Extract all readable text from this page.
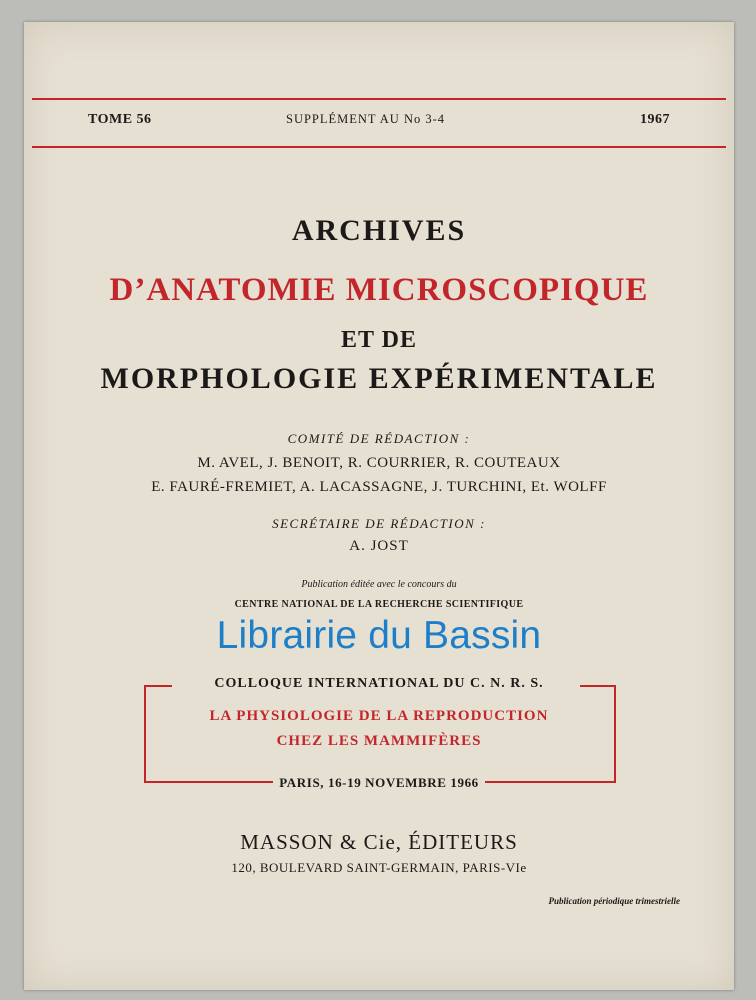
TOME 56	SUPPLÉMENT AU No 3-4	1967
ARCHIVES
D’ANATOMIE MICROSCOPIQUE
ET DE
MORPHOLOGIE EXPÉRIMENTALE
COMITÉ DE RÉDACTION :
M. AVEL, J. BENOIT, R. COURRIER, R. COUTEAUX
E. FAURÉ-FREMIET, A. LACASSAGNE, J. TURCHINI, Et. WOLFF
SECRÉTAIRE DE RÉDACTION :
A. JOST
Publication éditée avec le concours du
CENTRE NATIONAL DE LA RECHERCHE SCIENTIFIQUE
Librairie du Bassin
COLLOQUE INTERNATIONAL DU C. N. R. S.
LA PHYSIOLOGIE DE LA REPRODUCTION
CHEZ LES MAMMIFÈRES
PARIS, 16-19 NOVEMBRE 1966
MASSON & Cie, ÉDITEURS
120, BOULEVARD SAINT-GERMAIN, PARIS-VIe
Publication périodique trimestrielle
